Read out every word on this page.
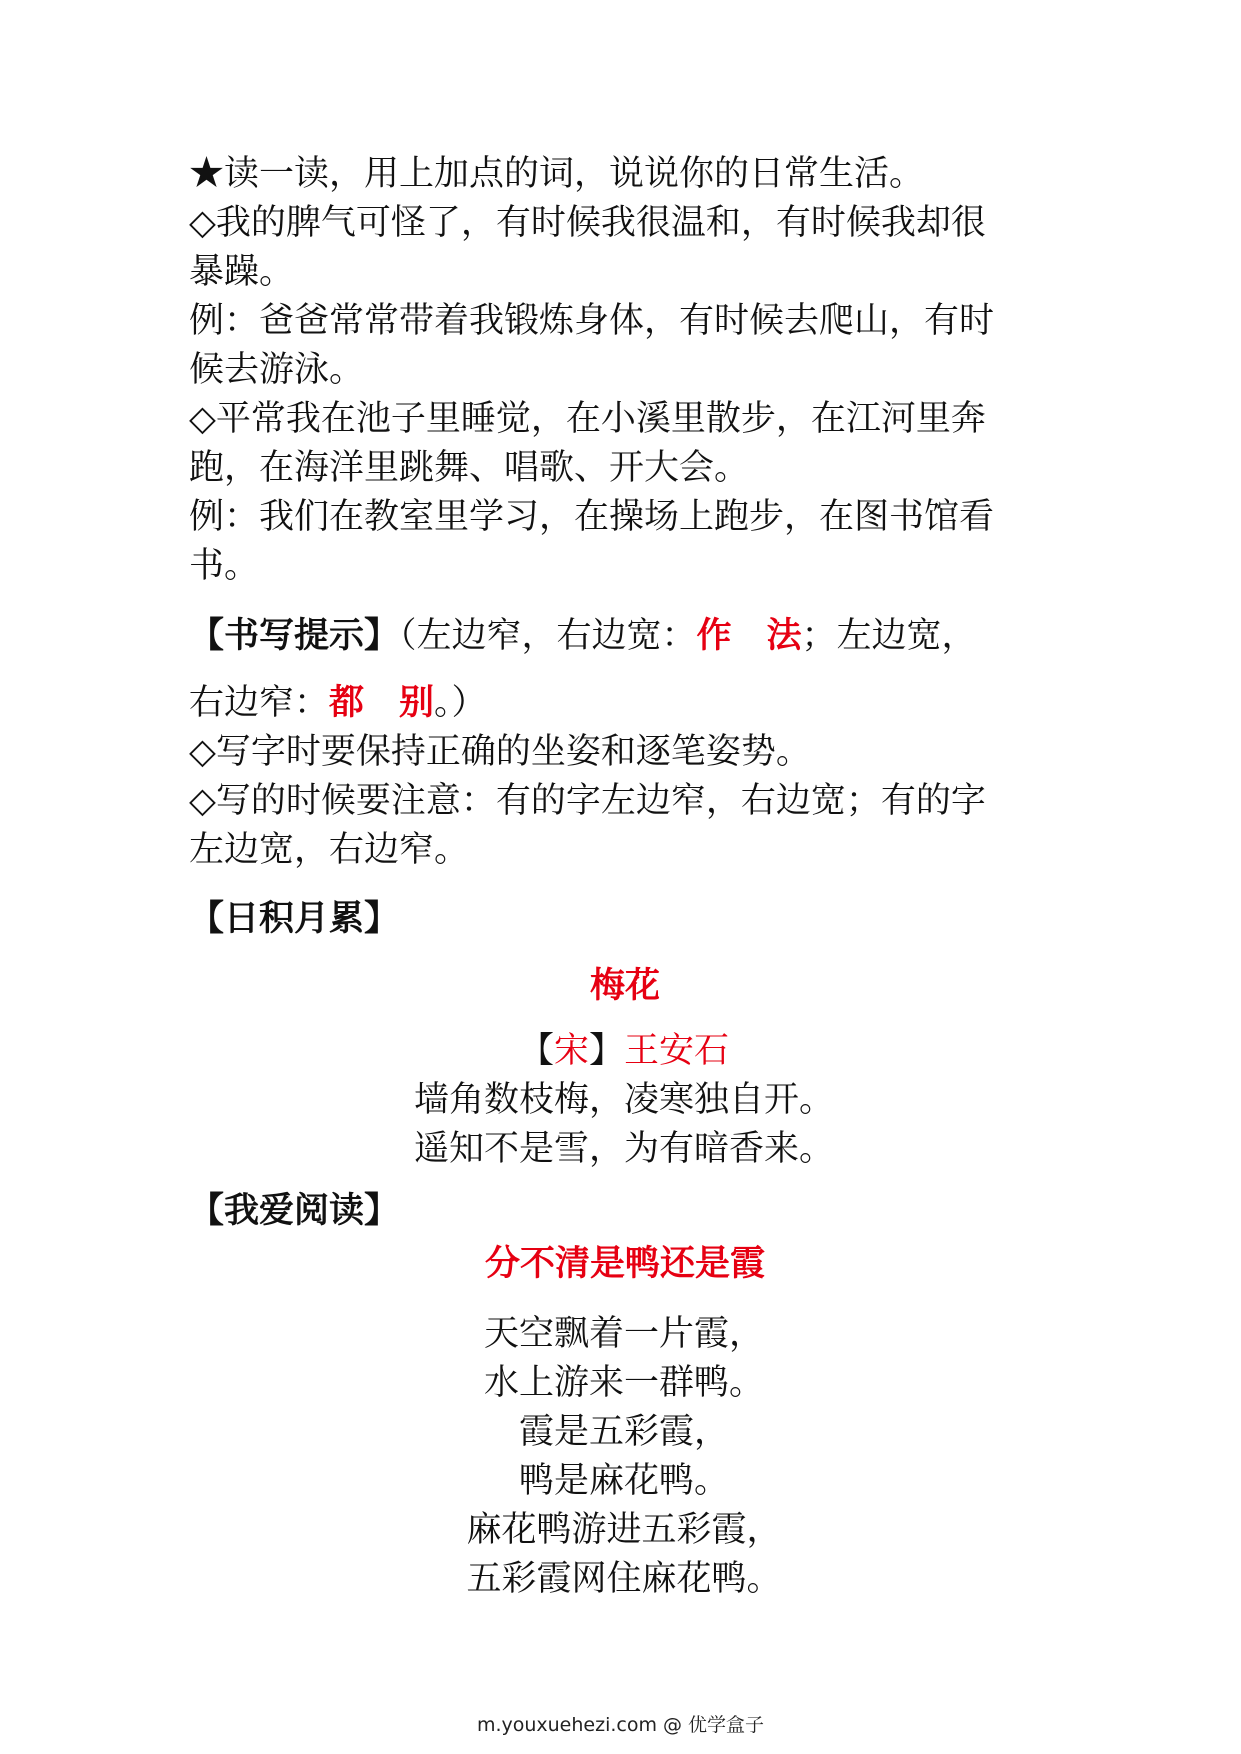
★读一读，用上加点的词，说说你的日常生活。
◇我的脾气可怪了，有时候我很温和，有时候我却很
暴躁。
例：爸爸常常带着我锻炼身体，有时候去爬山，有时
候去游泳。
◇平常我在池子里睡觉，在小溪里散步，在江河里奔
跑，在海洋里跳舞、唱歌、开大会。
例：我们在教室里学习，在操场上跑步，在图书馆看
书。
【书写提示】（左边窄，右边宽：作　法；左边宽，
右边窄：都　别。）
◇写字时要保持正确的坐姿和逐笔姿势。
◇写的时候要注意：有的字左边窄，右边宽；有的字
左边宽，右边窄。
【日积月累】
梅花
【宋】王安石
墙角数枝梅，凌寒独自开。
遥知不是雪，为有暗香来。
【我爱阅读】
分不清是鸭还是霞
天空飘着一片霞，
水上游来一群鸭。
霞是五彩霞，
鸭是麻花鸭。
麻花鸭游进五彩霞，
五彩霞网住麻花鸭。
m.youxuehezi.com @ 优学盒子
